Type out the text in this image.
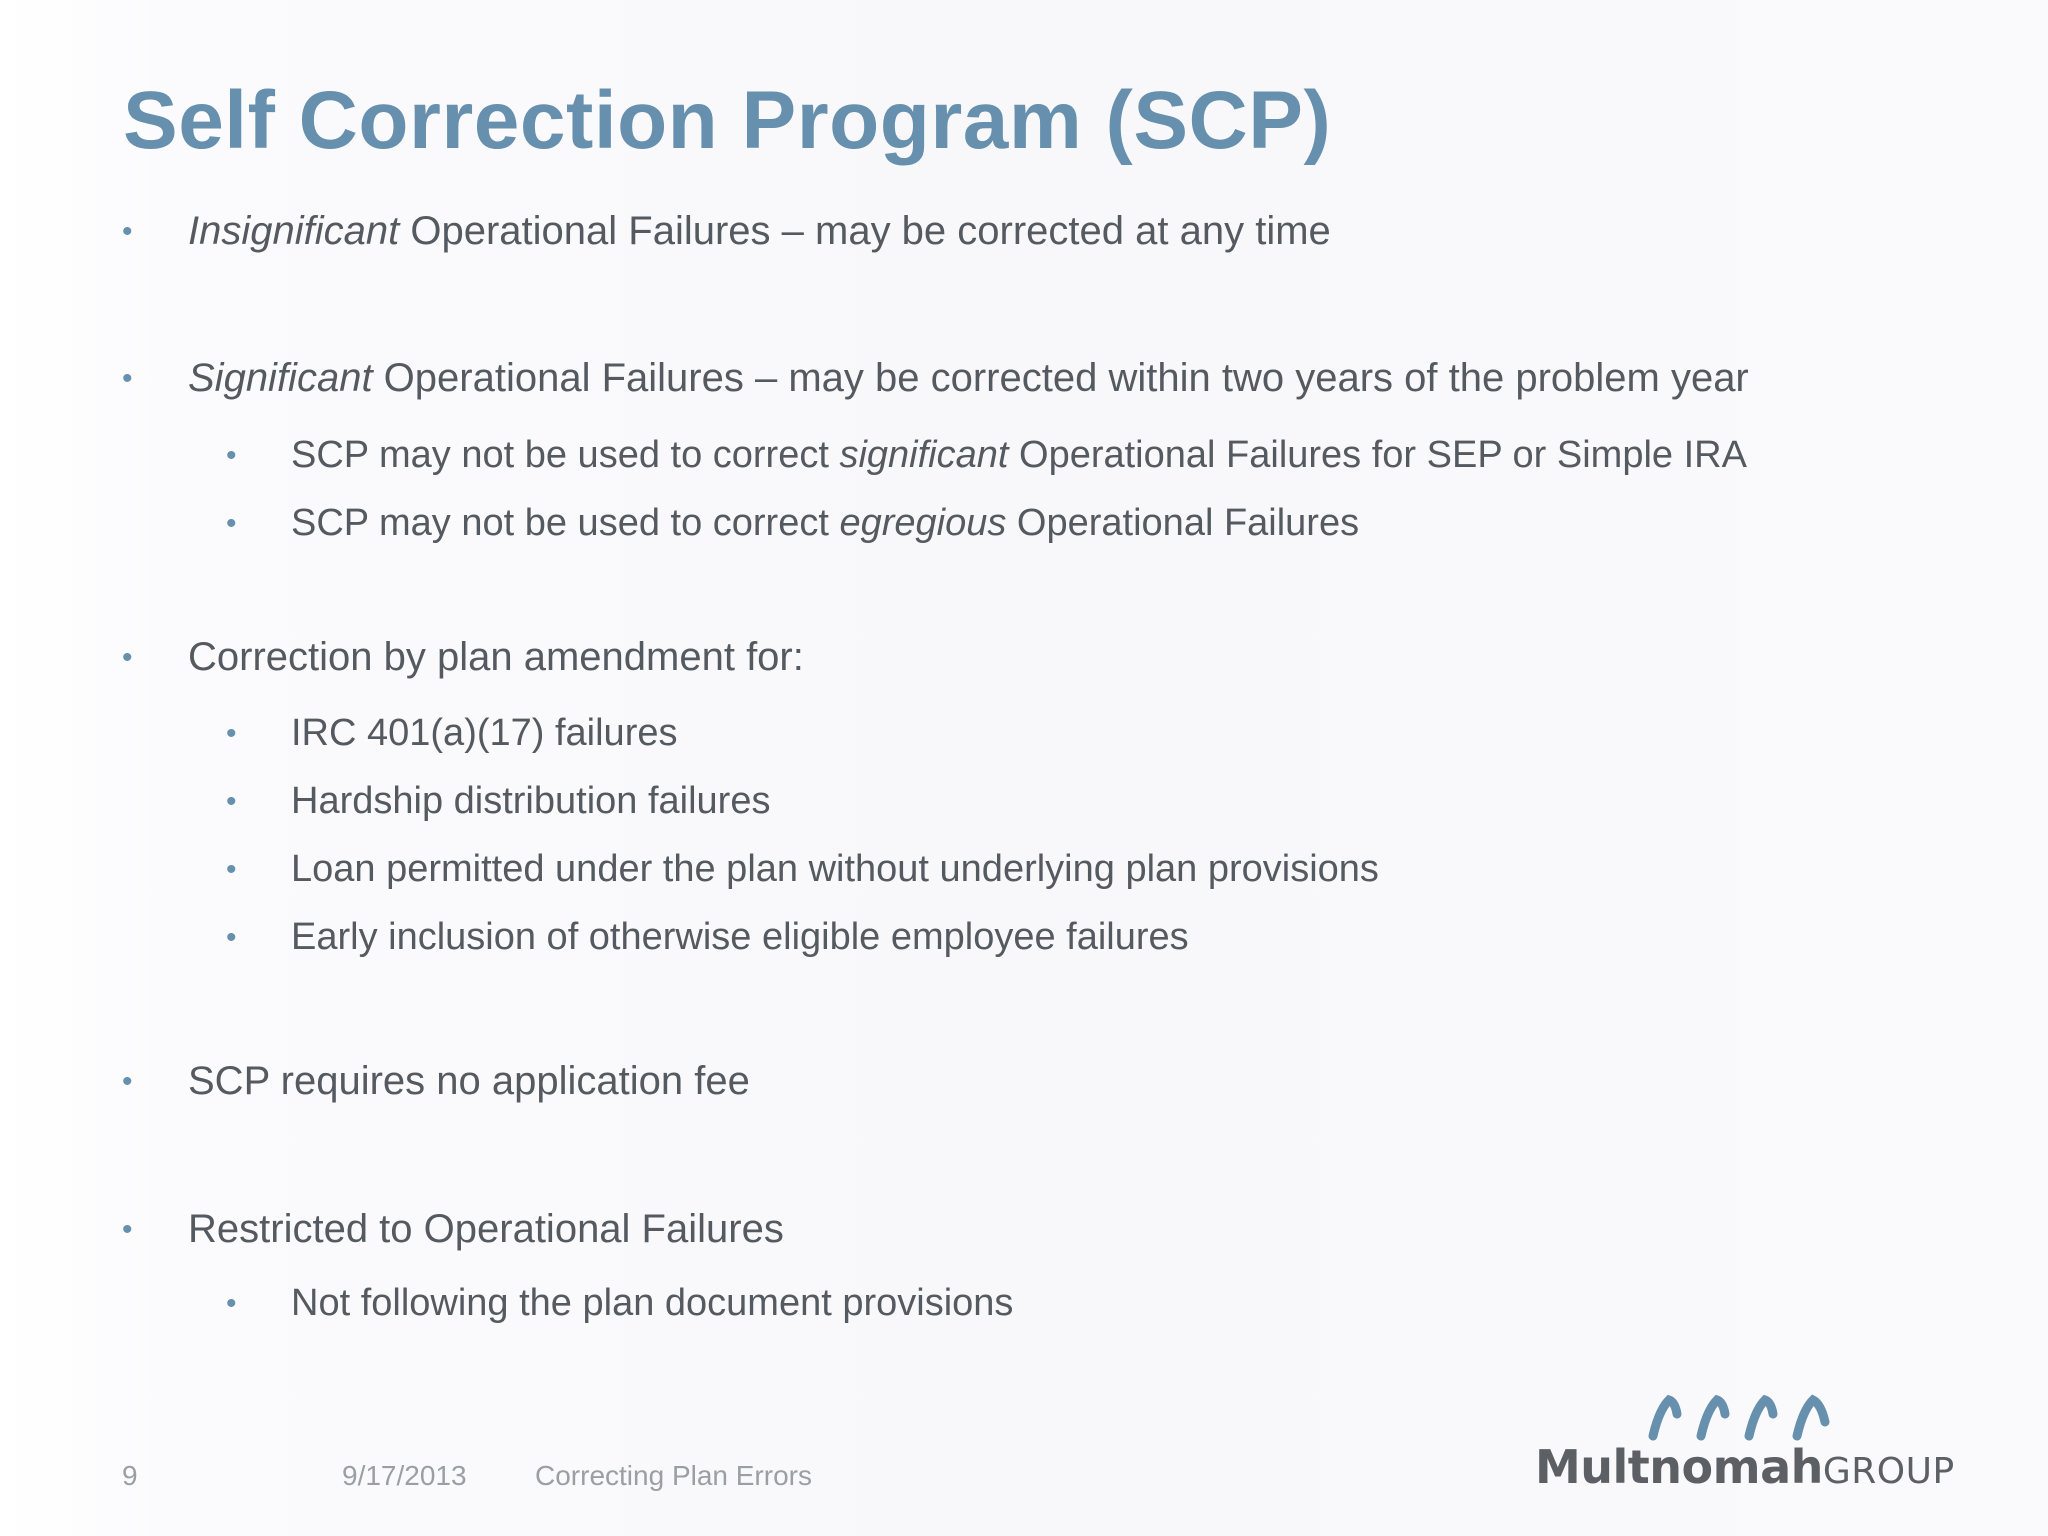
Self Correction Program (SCP)
• Insignificant Operational Failures – may be corrected at any time
• Significant Operational Failures – may be corrected within two years of the problem year
• SCP may not be used to correct significant Operational Failures for SEP or Simple IRA
• SCP may not be used to correct egregious Operational Failures
• Correction by plan amendment for:
• IRC 401(a)(17) failures
• Hardship distribution failures
• Loan permitted under the plan without underlying plan provisions
• Early inclusion of otherwise eligible employee failures
• SCP requires no application fee
• Restricted to Operational Failures
• Not following the plan document provisions
9	9/17/2013 Correcting Plan Errors	MultnomahGROUP
